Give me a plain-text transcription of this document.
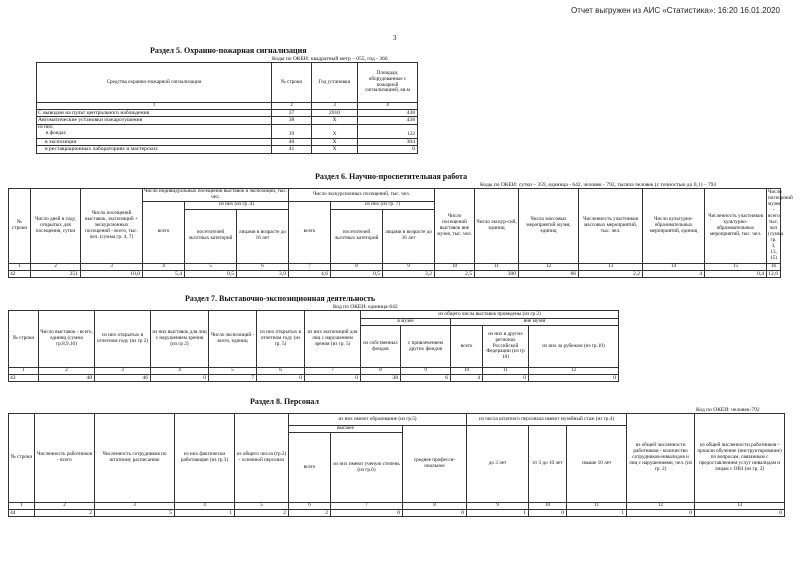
Отчет выгружен из АИС «Статистика»: 16:20 16.01.2020
3
Раздел 5. Охранно-пожарная сигнализация
Коды по ОКЕИ: квадратный метр – 055, год - 366
Средства охранно-пожарной сигнализации	№ строки	Год установки	Площади, оборудованные с пожарной сигнализацией, кв.м
1	2	3	4
С выводом на пульт центрального наблюдения	37	2010	438
Автоматические установки пожаротушения	38	X	438

из них:
в фондах	39	X	122
в экспозиции	40	X	304
в реставрационных лабораториях и мастерских	41	X	0
Раздел 6. Научно-просветительная работа
Коды по ОКЕИ: сутки – 359, единица - 642, человек - 792, тысяча человек (с точностью до 0,1) – 793
№ строки	Число дней в году, открытых для посещения, сутки	Число посещений выставок, экспозиций + экскурсионных посещений - всего, тыс. чел. (сумма гр. 4, 7)	Число индивидуальных посещений выставок и экспозиций, тыс. чел.			Число экскурсионных посещений, тыс. чел.			Число посещений выставок вне музея, тыс. чел.	Число экскур-сий, единиц	Число массовых мероприятий музея, единиц	Численность участников массовых мероприятий, тыс. чел.	Число культурно-образовательных мероприятий, единиц	Численность участников культурно-образовательных мероприятий, тыс. чел.	Число посещений музея - всего, тыс. чел (сумма гр. 3, 13, 15)
			всего	из них (из гр .4)		всего	из них (из гр. 7)								
				посетителей льготных категорий	лицами в возрасте до 16 лет		посетителей льготных категорий	лицами в возрасте до 16 лет							
1	2	3	4	5	6	7	8	9	10	11	12	13	14	15	16
42	251	10,0	5,4	0,5	3,9	4,6	0,5	3,2	2,5	300	66	2,2	4	0,4	12,6
Раздел 7. Выставочно-экспозиционная деятельность
Код по ОКЕИ: единица-642
№ строки	Число выставок - всего, единиц (сумма гр.8,9,10)	из них открытых в отчетном году (из гр 2)	из них выставок для лиц с нарушением зрения (из гр 2)	Число экспозиций - всего, единиц	из них открытых в отчетном году (из гр. 5)	из них экспозиций для лиц с нарушением зрения (из гр. 5)	из общего числа выставок проведены (из гр 2)				
							в музее		вне музея		
							из собственных фондов	с привлечением других фондов	всего	из них в других регионах Российской Федерации (из гр 10)	из них за рубежом (из гр.10)
1	2	3	4	5	6	7	8	9	10	11	12
43	48	46	0	7	0	0	38	6	4	0	0
Раздел 8. Персонал
Код по ОКЕИ: человек-792
№ строки	Численность работников - всего	Численность сотрудников по штатному расписанию	из них фактически работающие (из гр.3)	из общего числа (гр.2) - основной персонал	из них имеют образование (из гр.5)			из числа штатного персонала имеют музейный стаж (из гр.4)			из общей численности работников - количество сотрудников-инвалидов и лиц с нарушениями, чел. (из гр. 2)	из общей численности работников - прошли обучение (инструктирование) по вопросам, связанным с предоставлением услуг инвалидам и лицам с ОВЗ (из гр. 2)
					высшее		среднее професси-ональное	до 3 лет	от 3 до 10 лет	свыше 10 лет		
					всего	из них имеют ученую степень (из гр.6)						
1	2	3	4	5	6	7	8	9	10	11	12	13
44	2	5	1	2	2	0	0	1	0	1	0	0
